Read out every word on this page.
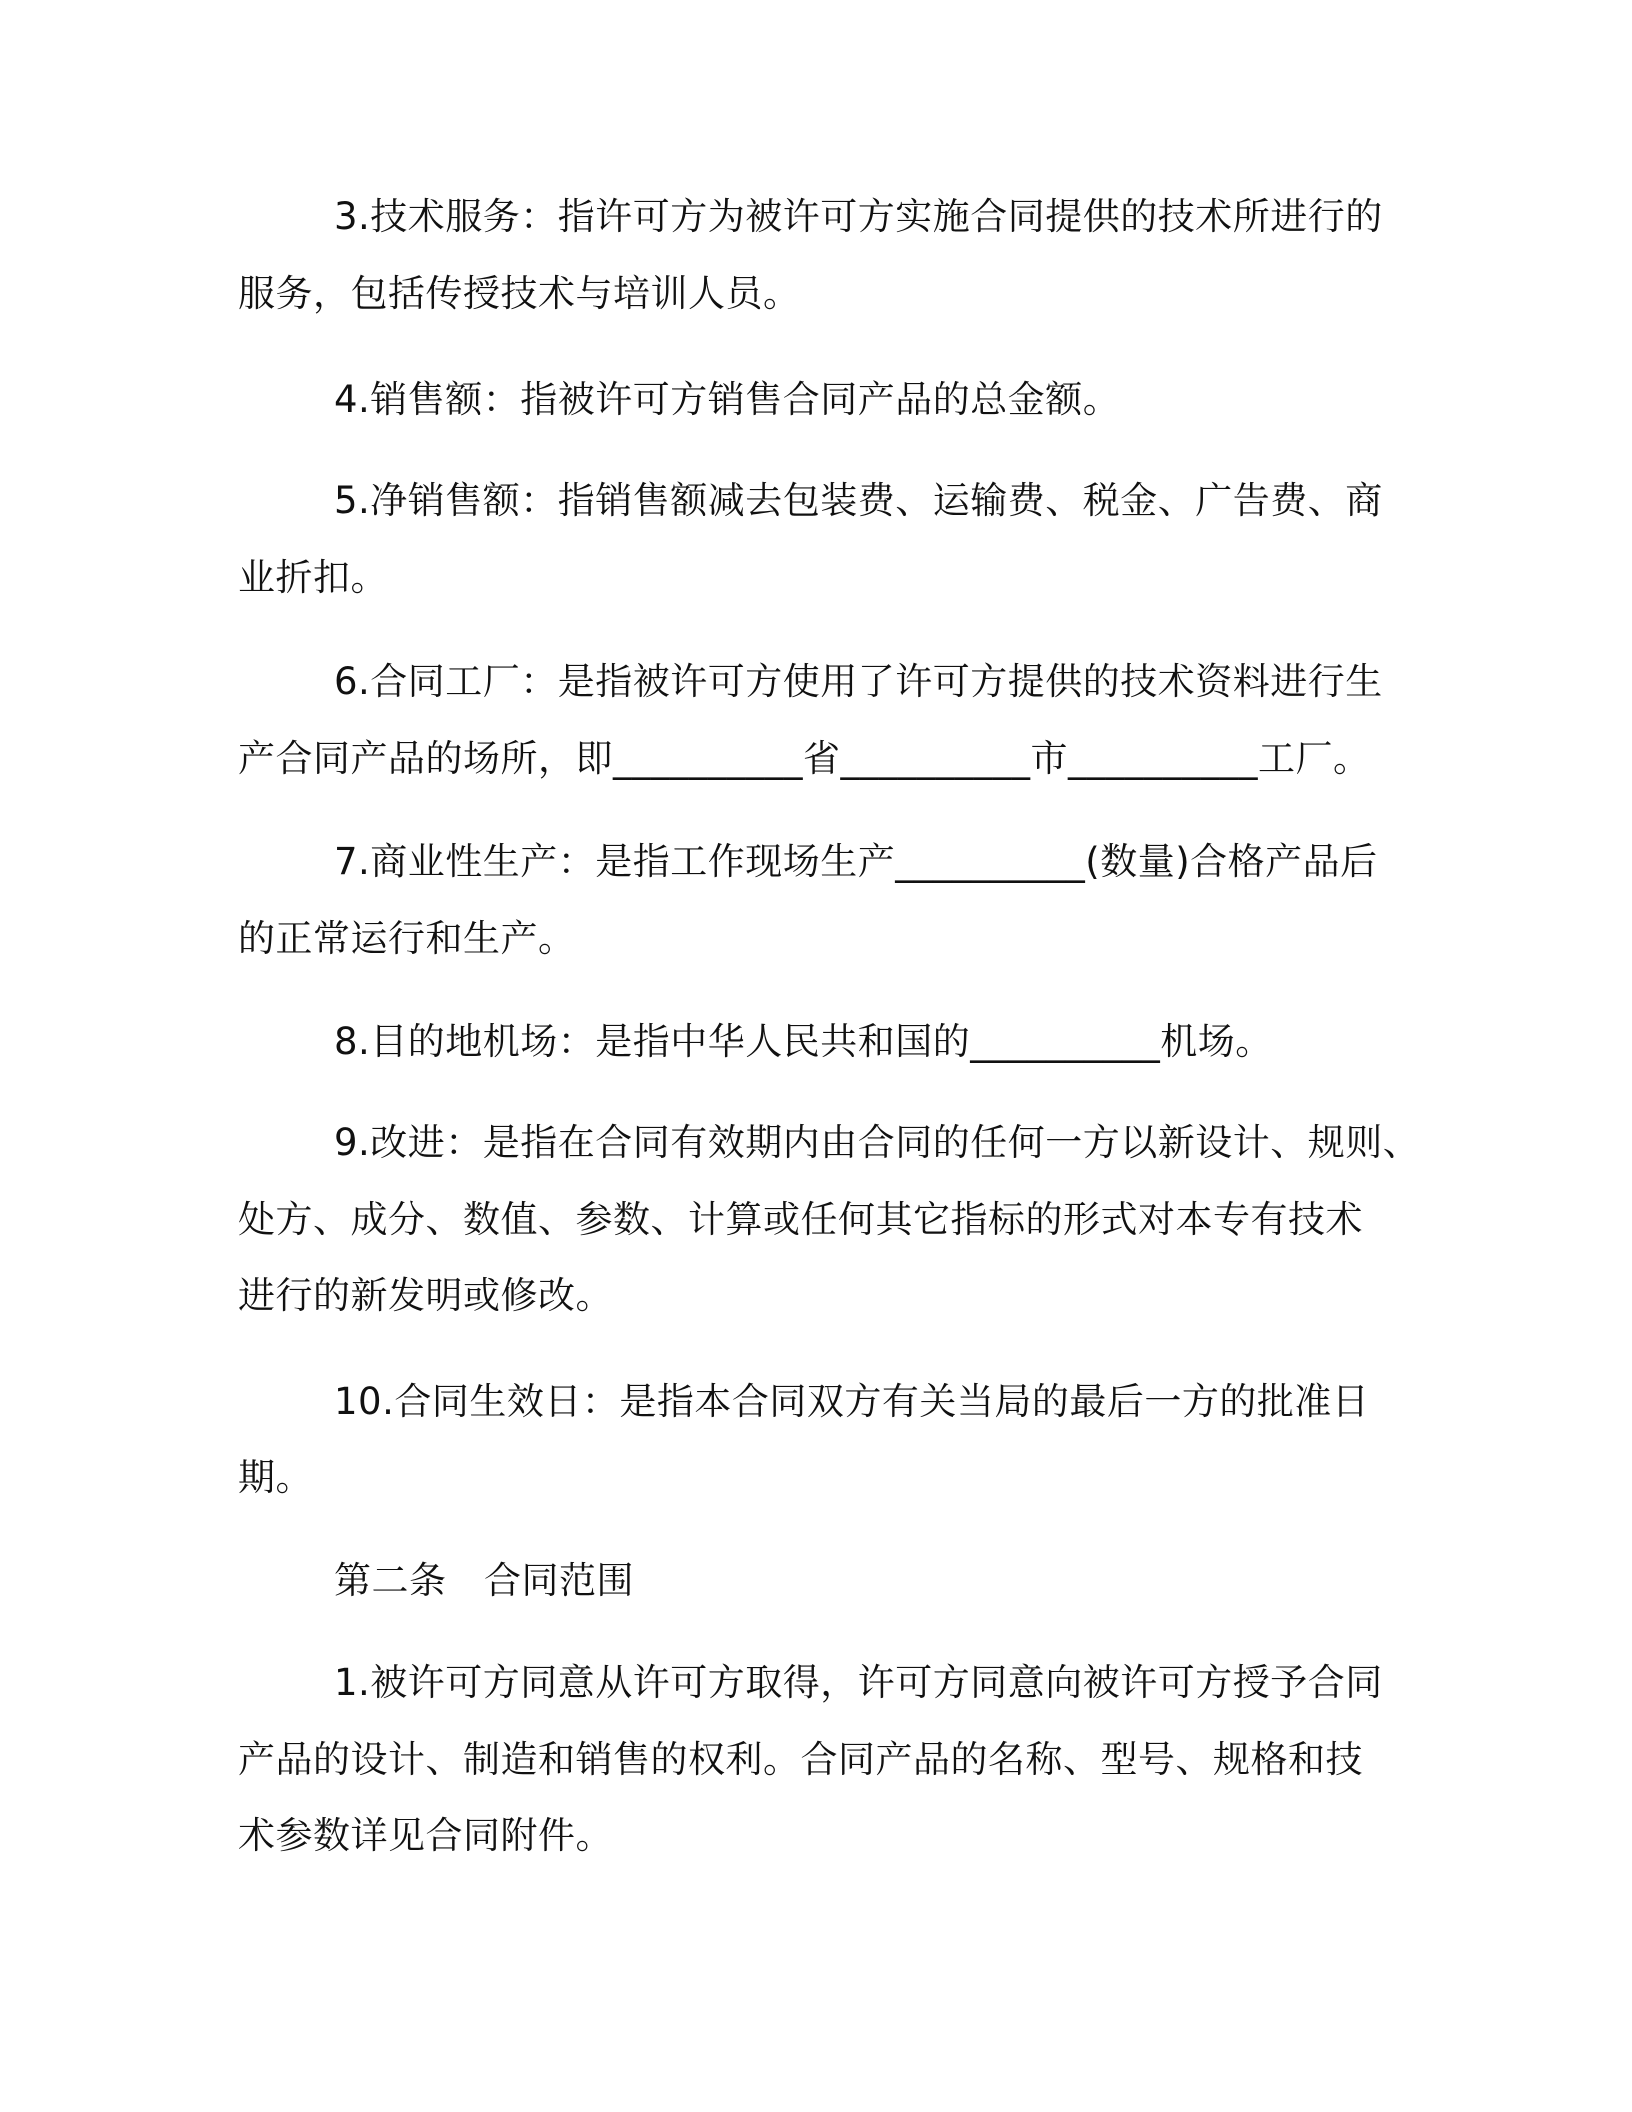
3.技术服务：指许可方为被许可方实施合同提供的技术所进行的

服务，包括传授技术与培训人员。

4.销售额：指被许可方销售合同产品的总金额。

5.净销售额：指销售额减去包装费、运输费、税金、广告费、商

业折扣。

6.合同工厂：是指被许可方使用了许可方提供的技术资料进行生

产合同产品的场所，即__________省__________市__________工厂。

7.商业性生产：是指工作现场生产__________(数量)合格产品后

的正常运行和生产。

8.目的地机场：是指中华人民共和国的__________机场。

9.改进：是指在合同有效期内由合同的任何一方以新设计、规则、

处方、成分、数值、参数、计算或任何其它指标的形式对本专有技术

进行的新发明或修改。

10.合同生效日：是指本合同双方有关当局的最后一方的批准日

期。

第二条　合同范围

1.被许可方同意从许可方取得，许可方同意向被许可方授予合同

产品的设计、制造和销售的权利。合同产品的名称、型号、规格和技

术参数详见合同附件。
